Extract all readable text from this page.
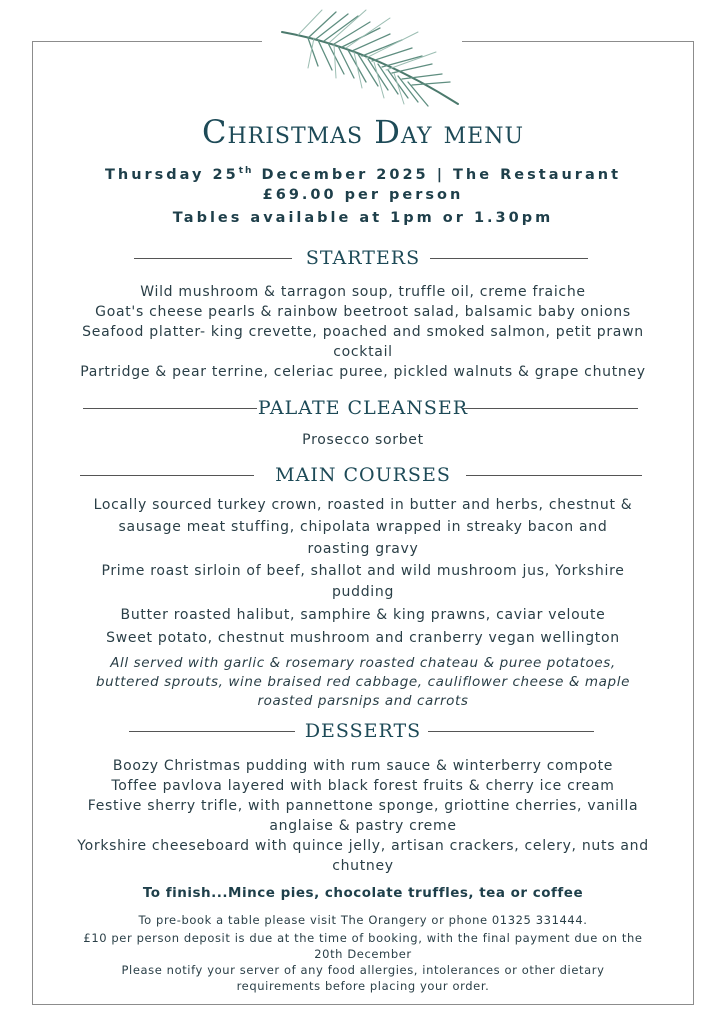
Christmas Day menu
Thursday 25th December 2025 | The Restaurant
£69.00 per person
Tables available at 1pm or 1.30pm
STARTERS
Wild mushroom & tarragon soup, truffle oil, creme fraiche
Goat's cheese pearls & rainbow beetroot salad, balsamic baby onions
Seafood platter- king crevette, poached and smoked salmon, petit prawn
cocktail
Partridge & pear terrine, celeriac puree, pickled walnuts & grape chutney
PALATE CLEANSER
Prosecco sorbet
MAIN COURSES
Locally sourced turkey crown, roasted in butter and herbs, chestnut &
sausage meat stuffing, chipolata wrapped in streaky bacon and
roasting gravy
Prime roast sirloin of beef, shallot and wild mushroom jus, Yorkshire
pudding
Butter roasted halibut, samphire & king prawns, caviar veloute
Sweet potato, chestnut mushroom and cranberry vegan wellington
All served with garlic & rosemary roasted chateau & puree potatoes,
buttered sprouts, wine braised red cabbage, cauliflower cheese & maple
roasted parsnips and carrots
DESSERTS
Boozy Christmas pudding with rum sauce & winterberry compote
Toffee pavlova layered with black forest fruits & cherry ice cream
Festive sherry trifle, with pannettone sponge, griottine cherries, vanilla
anglaise & pastry creme
Yorkshire cheeseboard with quince jelly, artisan crackers, celery, nuts and
chutney
To finish...Mince pies, chocolate truffles, tea or coffee
To pre-book a table please visit The Orangery or phone 01325 331444.
£10 per person deposit is due at the time of booking, with the final payment due on the
20th December
Please notify your server of any food allergies, intolerances or other dietary
requirements before placing your order.
